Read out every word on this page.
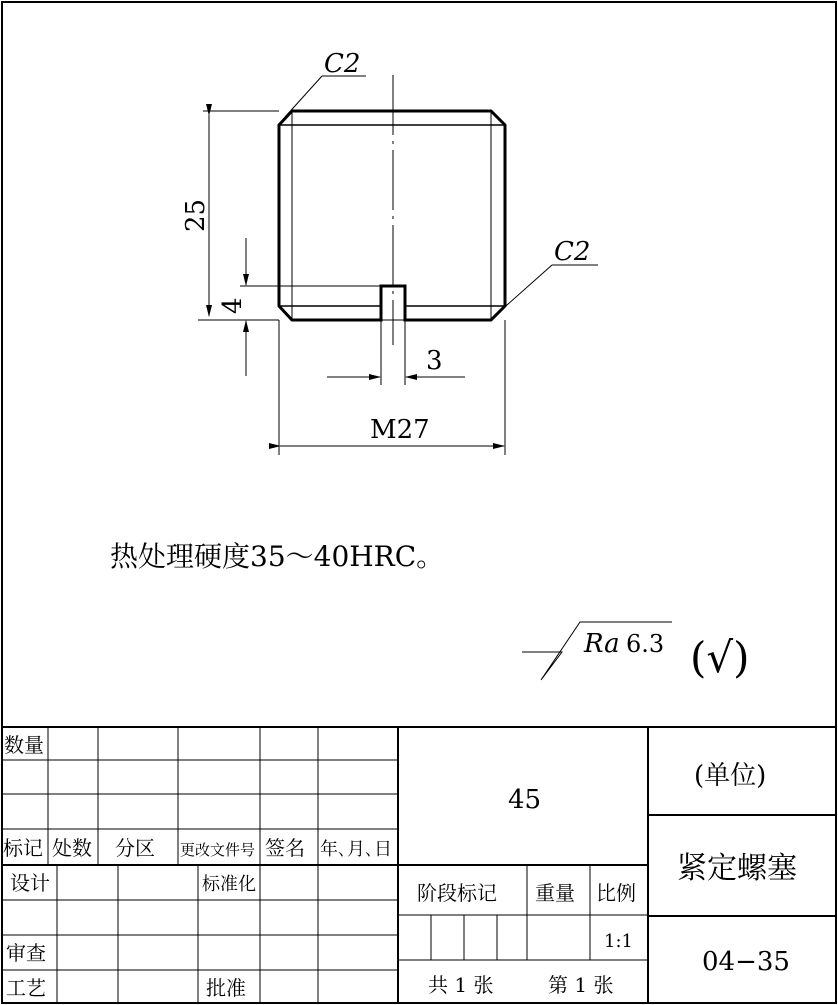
C2
C2
25
4
3
M27
热处理硬度35～40HRC。
Ra 6.3 (√)
数量
标记 处数 分区 更改文件号 签名 年､月､日
设计	标准化
审查
工艺	批准
45
阶段标记 重量 比例
1:1
共 1 张	第 1 张
(单位)
紧定螺塞
04−35
